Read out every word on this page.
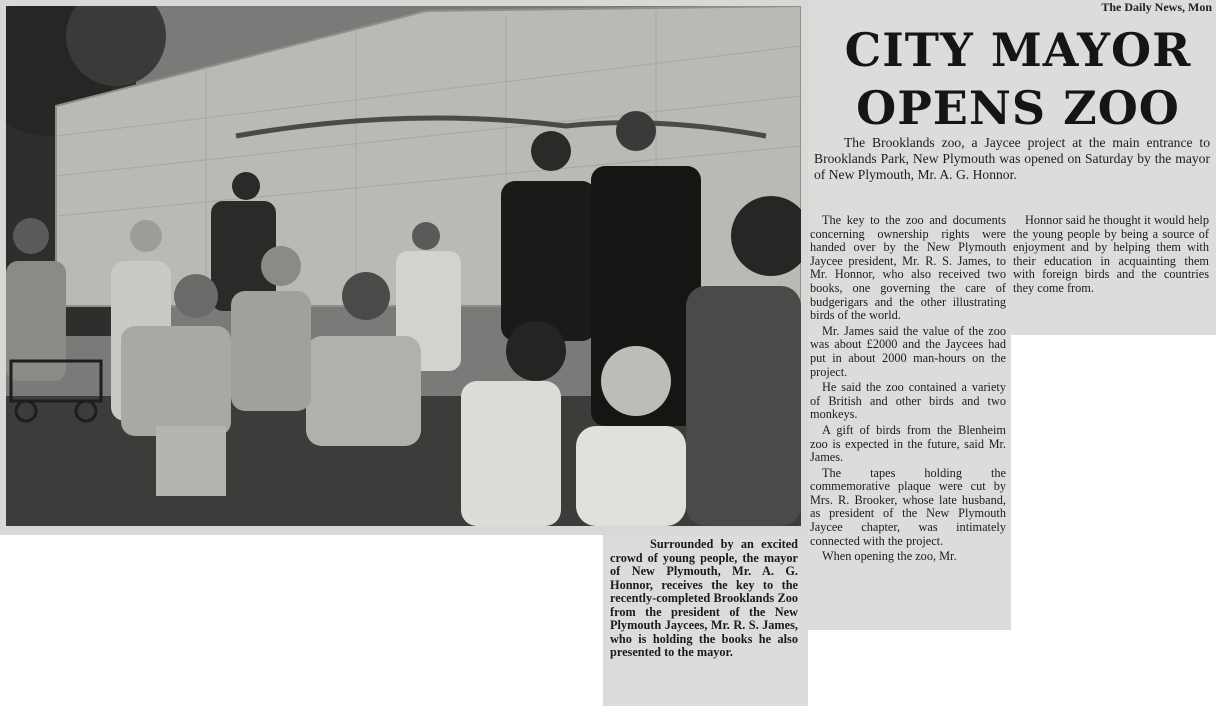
The Daily News, Mon
CITY MAYOR
OPENS ZOO
The Brooklands zoo, a Jaycee project at the main entrance to Brooklands Park, New Plymouth was opened on Saturday by the mayor of New Plymouth, Mr. A. G. Honnor.

The key to the zoo and documents concerning ownership rights were handed over by the New Plymouth Jaycee president, Mr. R. S. James, to Mr. Honnor, who also received two books, one governing the care of budgerigars and the other illustrating birds of the world.

Mr. James said the value of the zoo was about £2000 and the Jaycees had put in about 2000 man-hours on the project.

He said the zoo contained a variety of British and other birds and two monkeys.

A gift of birds from the Blenheim zoo is expected in the future, said Mr. James.

The tapes holding the commemorative plaque were cut by Mrs. R. Brooker, whose late husband, as president of the New Plymouth Jaycee chapter, was intimately connected with the project.

When opening the zoo, Mr.

Honnor said he thought it would help the young people by being a source of enjoyment and by helping them with their education in acquainting them with foreign birds and the countries they come from.

Surrounded by an excited crowd of young people, the mayor of New Plymouth, Mr. A. G. Honnor, receives the key to the recently-completed Brooklands Zoo from the president of the New Plymouth Jaycees, Mr. R. S. James, who is holding the books he also presented to the mayor.
